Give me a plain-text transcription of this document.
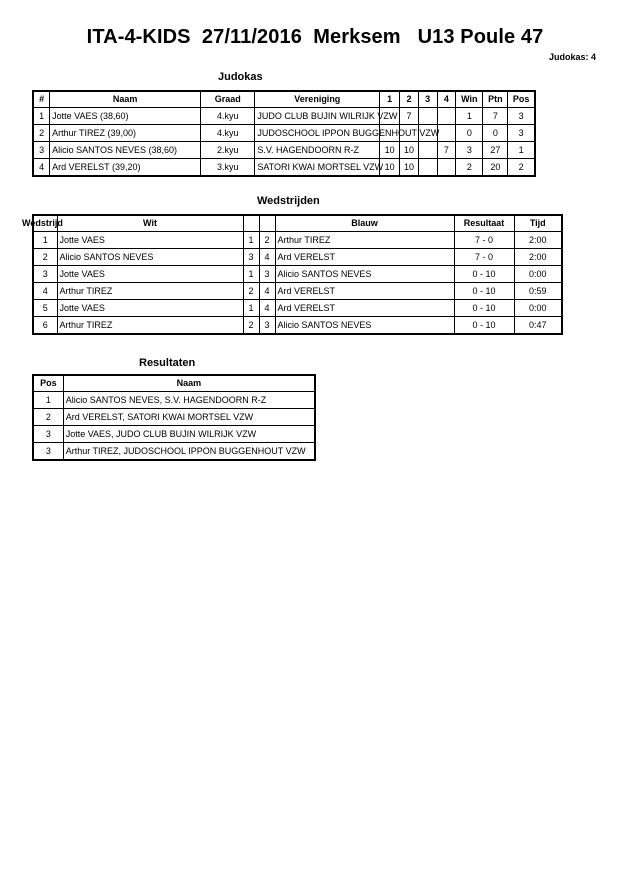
ITA-4-KIDS  27/11/2016  Merksem   U13 Poule 47
Judokas: 4
Judokas
#	Naam	Graad	Vereniging	1	2	3	4	Win	Ptn	Pos
1	Jotte VAES (38,60)	4.kyu	JUDO CLUB BUJIN WILRIJK VZW		7			1	7	3
2	Arthur TIREZ (39,00)	4.kyu	JUDOSCHOOL IPPON BUGGENHOUT VZW					0	0	3
3	Alicio SANTOS NEVES (38,60)	2.kyu	S.V. HAGENDOORN R-Z	10	10		7	3	27	1
4	Ard VERELST (39,20)	3.kyu	SATORI KWAI MORTSEL VZW	10	10			2	20	2
Wedstrijden
Wedstrijd	Wit			Blauw	Resultaat	Tijd
1	Jotte VAES	1	2	Arthur TIREZ	7 - 0	2:00
2	Alicio SANTOS NEVES	3	4	Ard VERELST	7 - 0	2:00
3	Jotte VAES	1	3	Alicio SANTOS NEVES	0 - 10	0:00
4	Arthur TIREZ	2	4	Ard VERELST	0 - 10	0:59
5	Jotte VAES	1	4	Ard VERELST	0 - 10	0:00
6	Arthur TIREZ	2	3	Alicio SANTOS NEVES	0 - 10	0:47
Resultaten
Pos	Naam
1	Alicio SANTOS NEVES, S.V. HAGENDOORN R-Z
2	Ard VERELST, SATORI KWAI MORTSEL VZW
3	Jotte VAES, JUDO CLUB BUJIN WILRIJK VZW
3	Arthur TIREZ, JUDOSCHOOL IPPON BUGGENHOUT VZW
